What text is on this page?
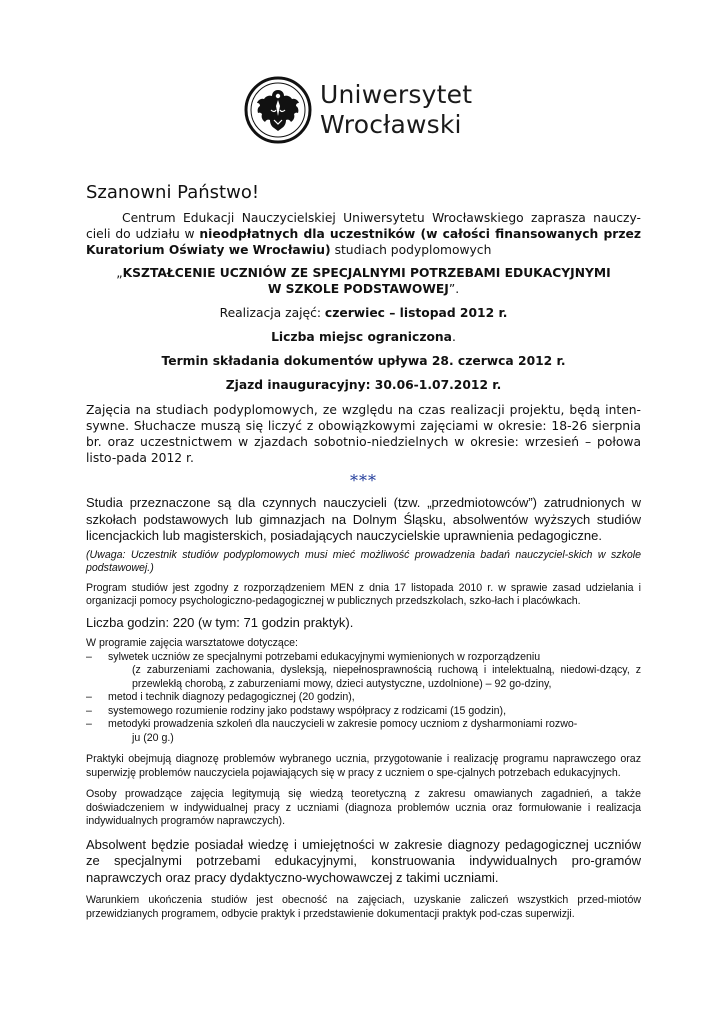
Uniwersytet
Wrocławski

Szanowni Państwo!

Centrum Edukacji Nauczycielskiej Uniwersytetu Wrocławskiego zaprasza nauczy-cieli do udziału w nieodpłatnych dla uczestników (w całości finansowanych przez Kuratorium Oświaty we Wrocławiu) studiach podyplomowych

„KSZTAŁCENIE UCZNIÓW ZE SPECJALNYMI POTRZEBAMI EDUKACYJNYMI
W SZKOLE PODSTAWOWEJ”.

Realizacja zajęć: czerwiec – listopad 2012 r.

Liczba miejsc ograniczona.

Termin składania dokumentów upływa 28. czerwca 2012 r.

Zjazd inauguracyjny: 30.06-1.07.2012 r.

Zajęcia na studiach podyplomowych, ze względu na czas realizacji projektu, będą inten-sywne. Słuchacze muszą się liczyć z obowiązkowymi zajęciami w okresie: 18-26 sierpnia br. oraz uczestnictwem w zjazdach sobotnio-niedzielnych w okresie: wrzesień – połowa listo-pada 2012 r.

***

Studia przeznaczone są dla czynnych nauczycieli (tzw. „przedmiotowców”) zatrudnionych w szkołach podstawowych lub gimnazjach na Dolnym Śląsku, absolwentów wyższych studiów licencjackich lub magisterskich, posiadających nauczycielskie uprawnienia pedagogiczne.

(Uwaga: Uczestnik studiów podyplomowych musi mieć możliwość prowadzenia badań nauczyciel-skich w szkole podstawowej.)

Program studiów jest zgodny z rozporządzeniem MEN z dnia 17 listopada 2010 r. w sprawie zasad udzielania i organizacji pomocy psychologiczno-pedagogicznej w publicznych przedszkolach, szko-łach i placówkach.

Liczba godzin: 220 (w tym: 71 godzin praktyk).

W programie zajęcia warsztatowe dotyczące:

–	sylwetek uczniów ze specjalnymi potrzebami edukacyjnymi wymienionych w rozporządzeniu
(z zaburzeniami zachowania, dysleksją, niepełnosprawnością ruchową i intelektualną, niedowi-dzący, z przewlekłą chorobą, z zaburzeniami mowy, dzieci autystyczne, uzdolnione) – 92 go-dziny,
–	metod i technik diagnozy pedagogicznej (20 godzin),
–	systemowego rozumienie rodziny jako podstawy współpracy z rodzicami (15 godzin),
–	metodyki prowadzenia szkoleń dla nauczycieli w zakresie pomocy uczniom z dysharmoniami rozwo-
ju (20 g.)

Praktyki obejmują diagnozę problemów wybranego ucznia, przygotowanie i realizację programu naprawczego oraz superwizję problemów nauczyciela pojawiających się w pracy z uczniem o spe-cjalnych potrzebach edukacyjnych.

Osoby prowadzące zajęcia legitymują się wiedzą teoretyczną z zakresu omawianych zagadnień, a także doświadczeniem w indywidualnej pracy z uczniami (diagnoza problemów ucznia oraz formułowanie i realizacja indywidualnych programów naprawczych).

Absolwent będzie posiadał wiedzę i umiejętności w zakresie diagnozy pedagogicznej uczniów ze specjalnymi potrzebami edukacyjnymi, konstruowania indywidualnych pro-gramów naprawczych oraz pracy dydaktyczno-wychowawczej z takimi uczniami.

Warunkiem ukończenia studiów jest obecność na zajęciach, uzyskanie zaliczeń wszystkich przed-miotów przewidzianych programem, odbycie praktyk i przedstawienie dokumentacji praktyk pod-czas superwizji.
